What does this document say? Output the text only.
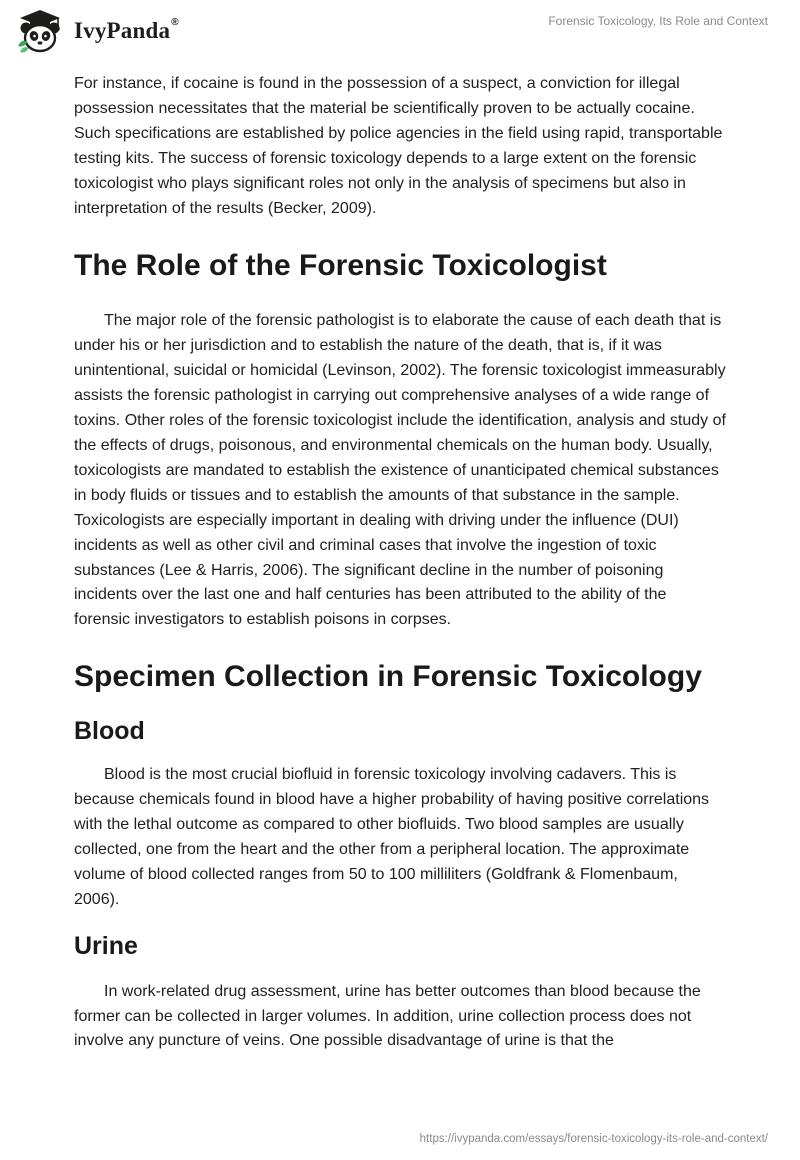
IvyPanda®	Forensic Toxicology, Its Role and Context

For instance, if cocaine is found in the possession of a suspect, a conviction for illegal possession necessitates that the material be scientifically proven to be actually cocaine. Such specifications are established by police agencies in the field using rapid, transportable testing kits. The success of forensic toxicology depends to a large extent on the forensic toxicologist who plays significant roles not only in the analysis of specimens but also in interpretation of the results (Becker, 2009).

The Role of the Forensic Toxicologist

The major role of the forensic pathologist is to elaborate the cause of each death that is under his or her jurisdiction and to establish the nature of the death, that is, if it was unintentional, suicidal or homicidal (Levinson, 2002). The forensic toxicologist immeasurably assists the forensic pathologist in carrying out comprehensive analyses of a wide range of toxins. Other roles of the forensic toxicologist include the identification, analysis and study of the effects of drugs, poisonous, and environmental chemicals on the human body. Usually, toxicologists are mandated to establish the existence of unanticipated chemical substances in body fluids or tissues and to establish the amounts of that substance in the sample. Toxicologists are especially important in dealing with driving under the influence (DUI) incidents as well as other civil and criminal cases that involve the ingestion of toxic substances (Lee & Harris, 2006). The significant decline in the number of poisoning incidents over the last one and half centuries has been attributed to the ability of the forensic investigators to establish poisons in corpses.

Specimen Collection in Forensic Toxicology
Blood

Blood is the most crucial biofluid in forensic toxicology involving cadavers. This is because chemicals found in blood have a higher probability of having positive correlations with the lethal outcome as compared to other biofluids. Two blood samples are usually collected, one from the heart and the other from a peripheral location. The approximate volume of blood collected ranges from 50 to 100 milliliters (Goldfrank & Flomenbaum, 2006).

Urine

In work-related drug assessment, urine has better outcomes than blood because the former can be collected in larger volumes. In addition, urine collection process does not involve any puncture of veins. One possible disadvantage of urine is that the

https://ivypanda.com/essays/forensic-toxicology-its-role-and-context/
